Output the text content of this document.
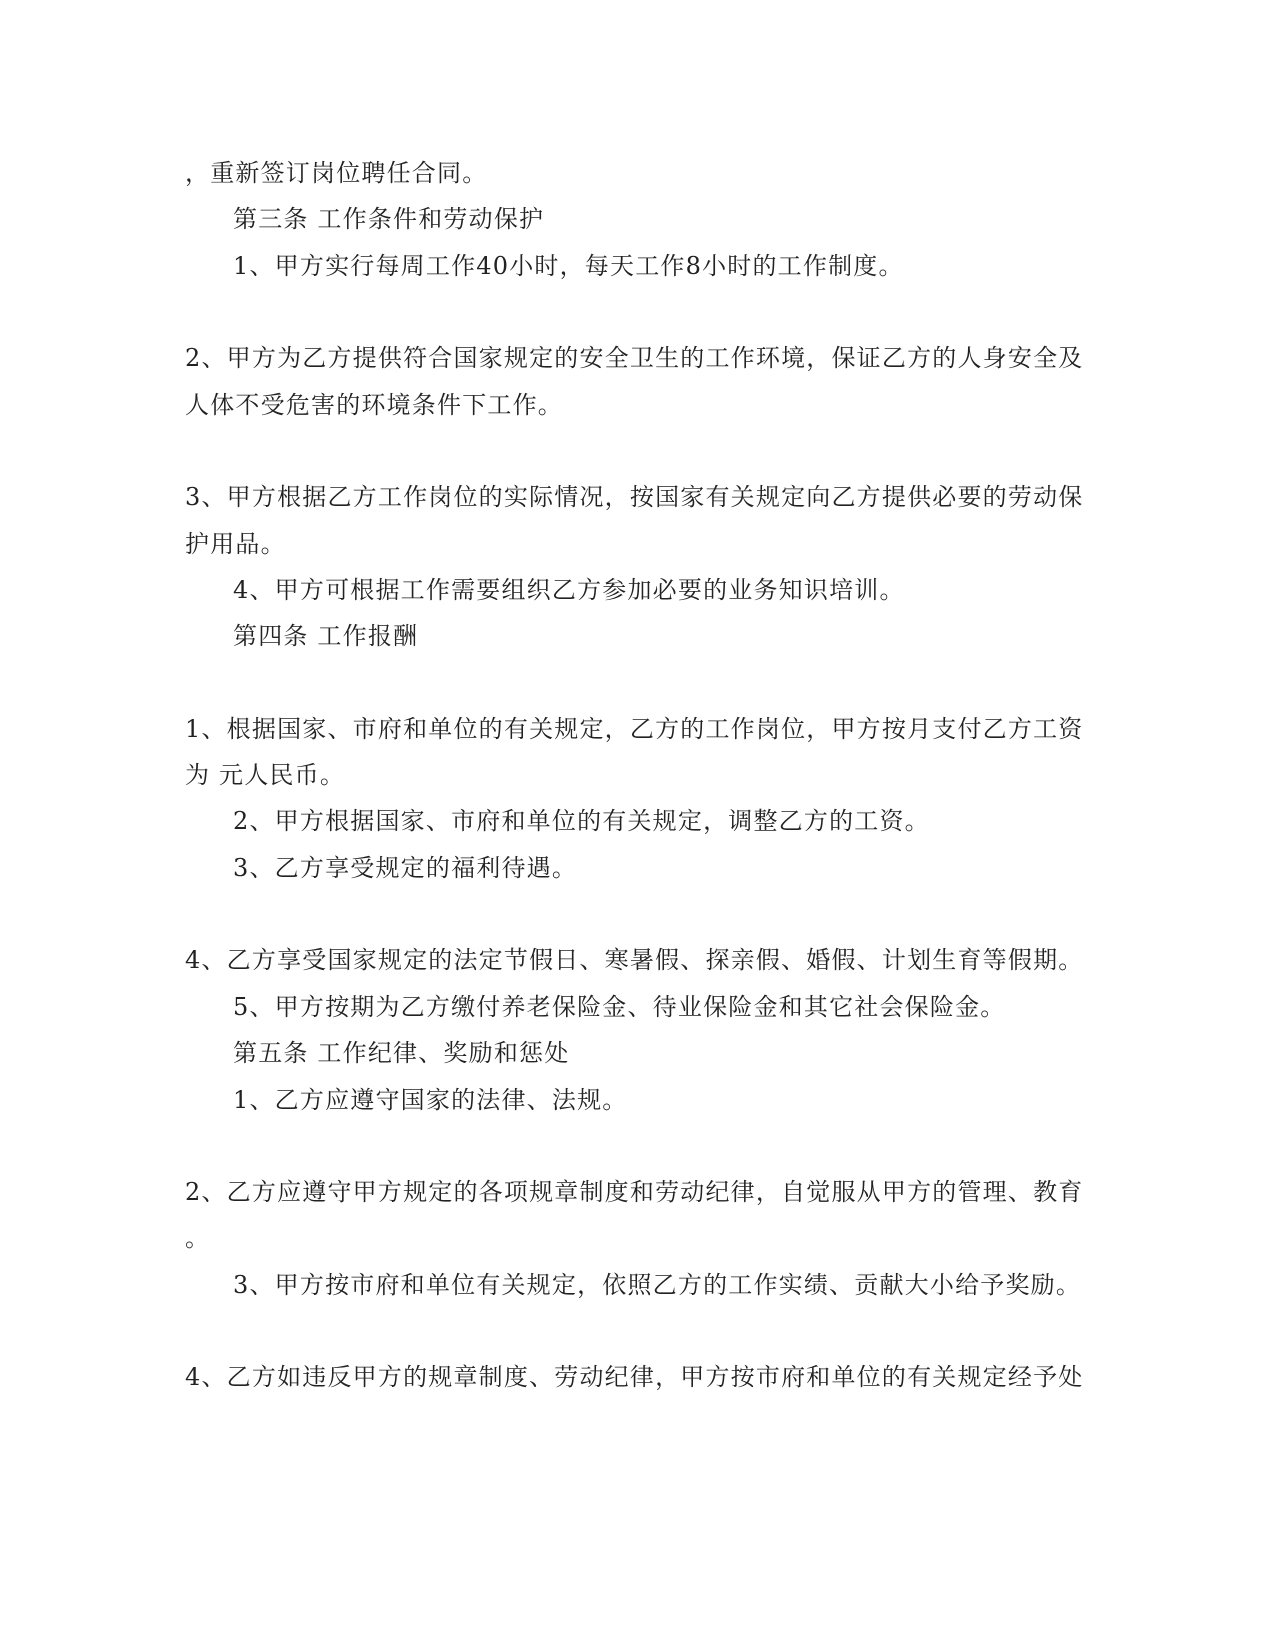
，重新签订岗位聘任合同。
第三条 工作条件和劳动保护
1、甲方实行每周工作40小时，每天工作8小时的工作制度。
2、甲方为乙方提供符合国家规定的安全卫生的工作环境，保证乙方的人身安全及
人体不受危害的环境条件下工作。
3、甲方根据乙方工作岗位的实际情况，按国家有关规定向乙方提供必要的劳动保
护用品。
4、甲方可根据工作需要组织乙方参加必要的业务知识培训。
第四条 工作报酬
1、根据国家、市府和单位的有关规定，乙方的工作岗位，甲方按月支付乙方工资
为 元人民币。
2、甲方根据国家、市府和单位的有关规定，调整乙方的工资。
3、乙方享受规定的福利待遇。
4、乙方享受国家规定的法定节假日、寒暑假、探亲假、婚假、计划生育等假期。
5、甲方按期为乙方缴付养老保险金、待业保险金和其它社会保险金。
第五条 工作纪律、奖励和惩处
1、乙方应遵守国家的法律、法规。
2、乙方应遵守甲方规定的各项规章制度和劳动纪律，自觉服从甲方的管理、教育
。
3、甲方按市府和单位有关规定，依照乙方的工作实绩、贡献大小给予奖励。
4、乙方如违反甲方的规章制度、劳动纪律，甲方按市府和单位的有关规定经予处
